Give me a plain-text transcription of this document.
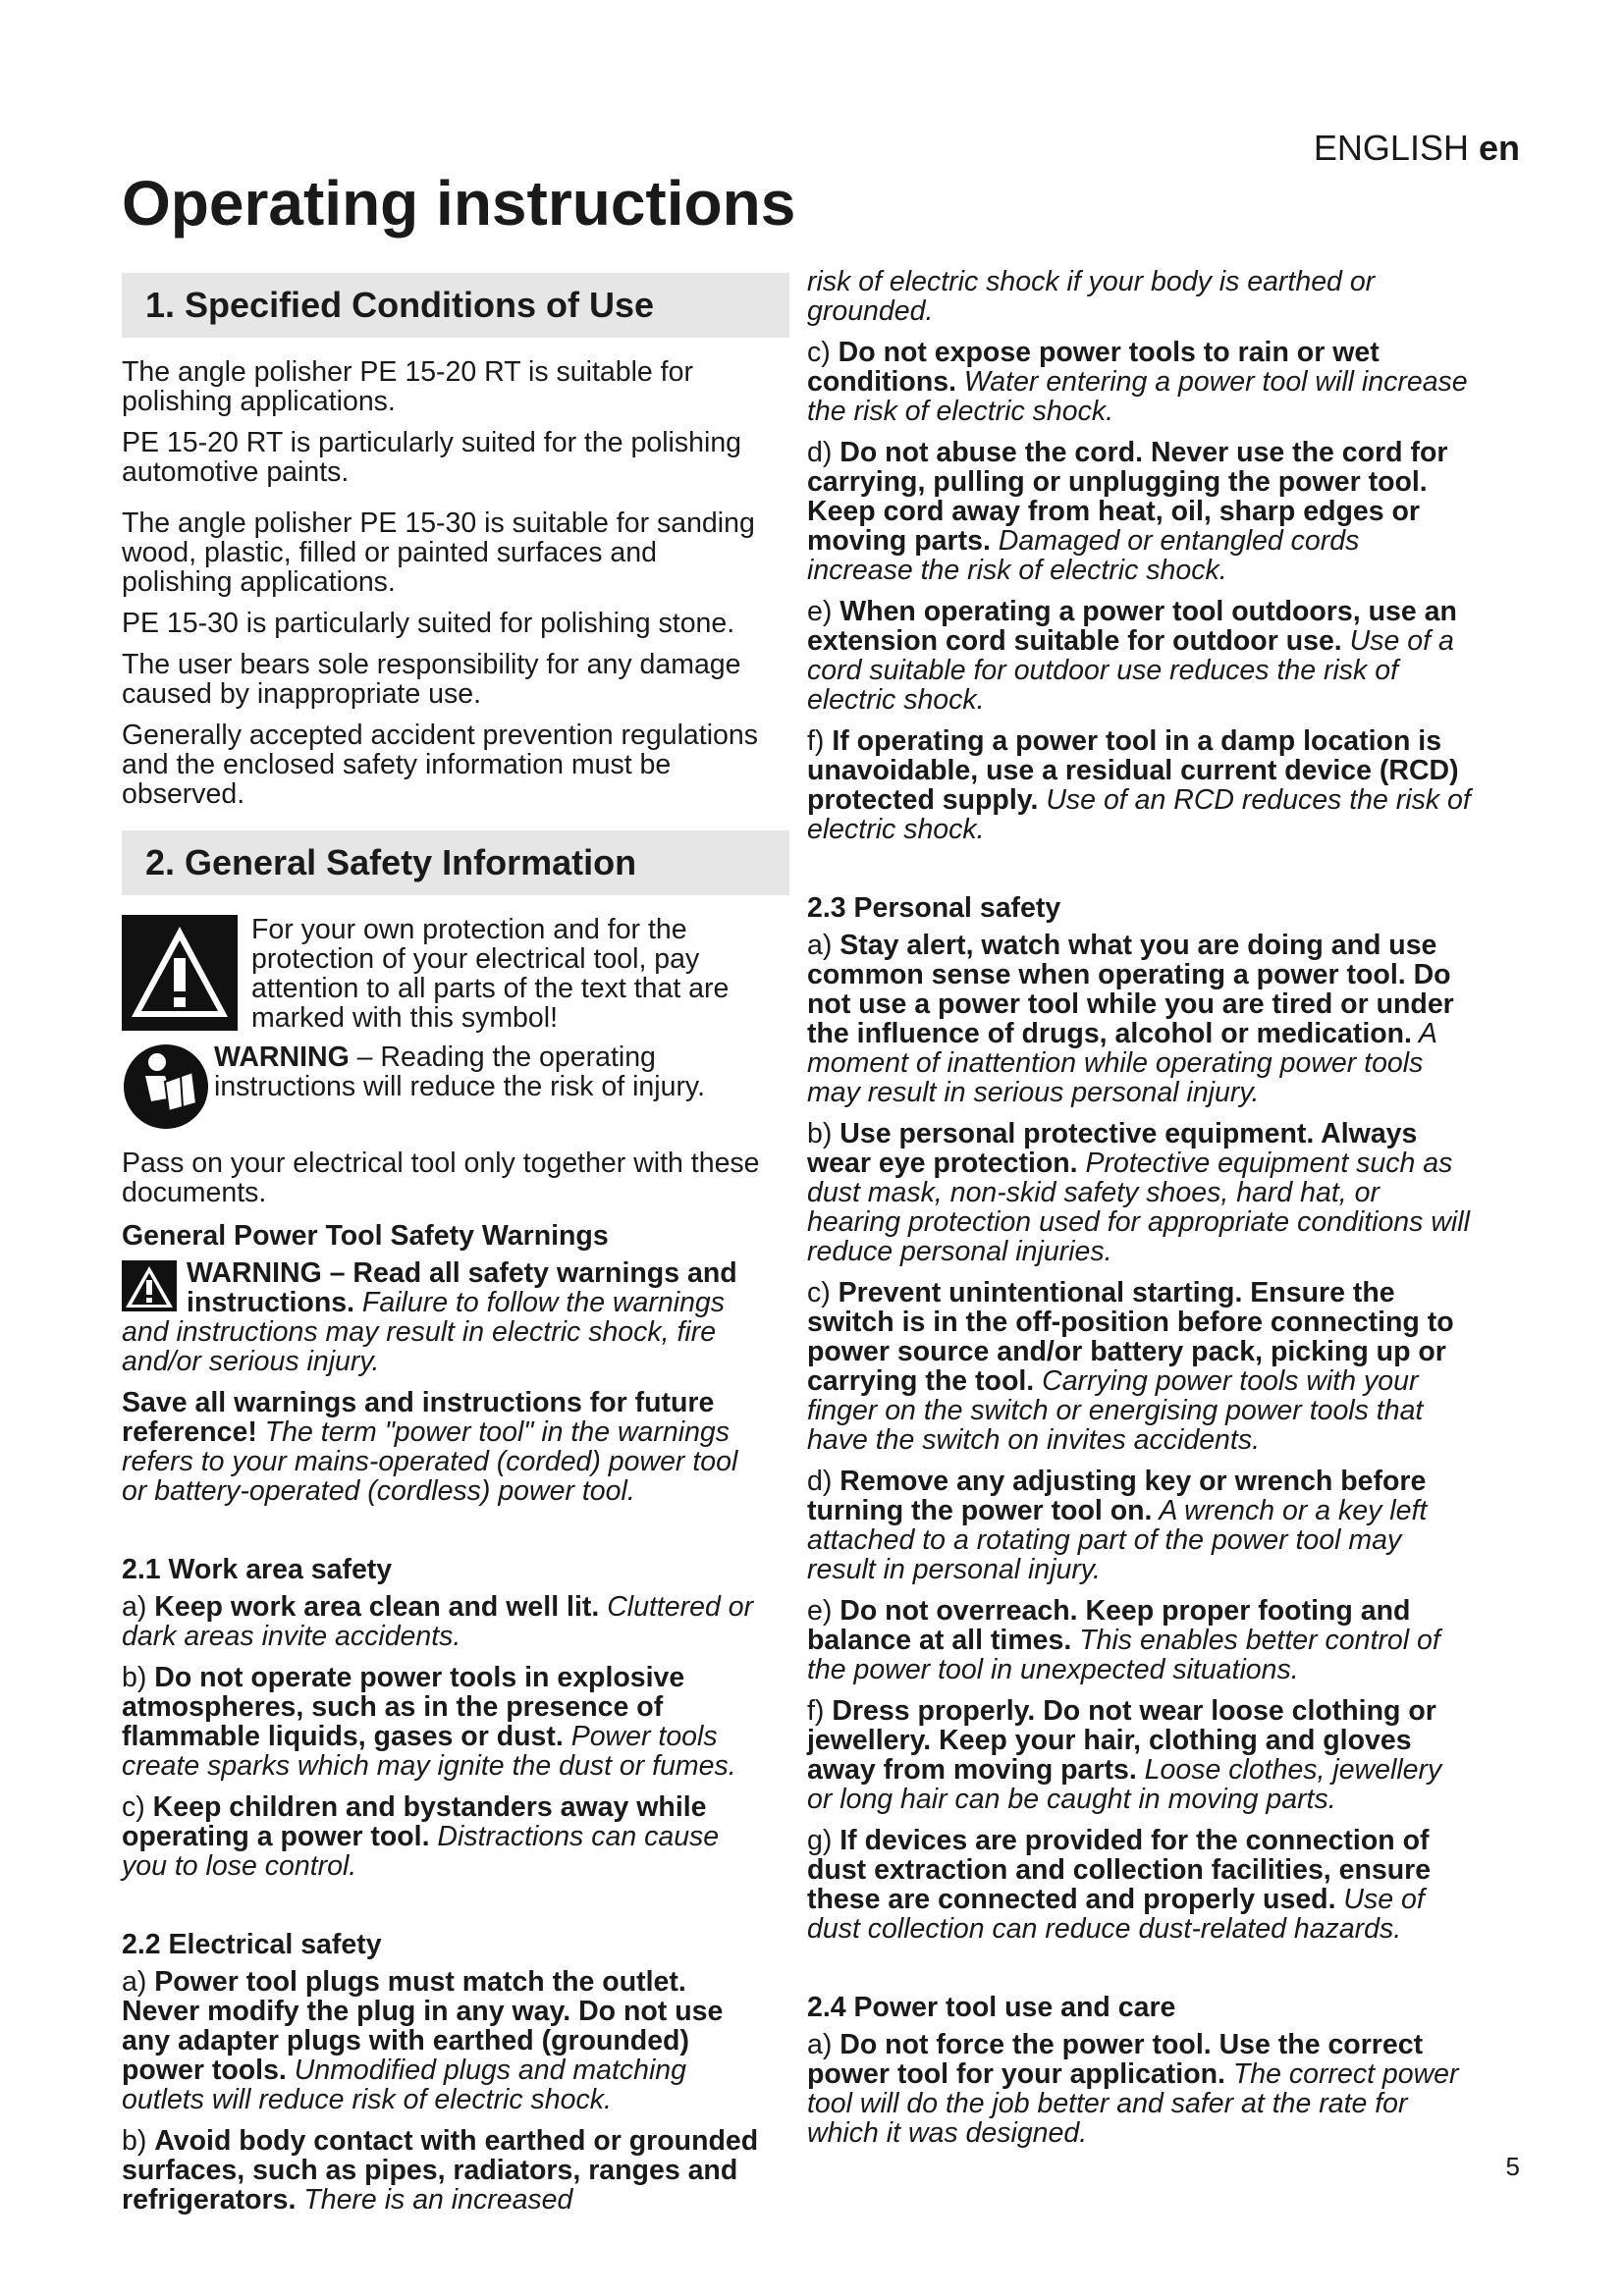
ENGLISH en
Operating instructions
1. Specified Conditions of Use

The angle polisher PE 15-20 RT is suitable for polishing applications.

PE 15-20 RT is particularly suited for the polishing automotive paints.

The angle polisher PE 15-30 is suitable for sanding wood, plastic, filled or painted surfaces and polishing applications.

PE 15-30 is particularly suited for polishing stone.

The user bears sole responsibility for any damage caused by inappropriate use.

Generally accepted accident prevention regulations and the enclosed safety information must be observed.

2. General Safety Information

For your own protection and for the protection of your electrical tool, pay attention to all parts of the text that are marked with this symbol!

WARNING – Reading the operating instructions will reduce the risk of injury.

Pass on your electrical tool only together with these documents.

General Power Tool Safety Warnings

WARNING – Read all safety warnings and instructions. Failure to follow the warnings and instructions may result in electric shock, fire and/or serious injury.

Save all warnings and instructions for future reference! The term "power tool" in the warnings refers to your mains-operated (corded) power tool or battery-operated (cordless) power tool.

2.1 Work area safety

a) Keep work area clean and well lit. Cluttered or dark areas invite accidents.

b) Do not operate power tools in explosive atmospheres, such as in the presence of flammable liquids, gases or dust. Power tools create sparks which may ignite the dust or fumes.

c) Keep children and bystanders away while operating a power tool. Distractions can cause you to lose control.

2.2 Electrical safety

a) Power tool plugs must match the outlet. Never modify the plug in any way. Do not use any adapter plugs with earthed (grounded) power tools. Unmodified plugs and matching outlets will reduce risk of electric shock.

b) Avoid body contact with earthed or grounded surfaces, such as pipes, radiators, ranges and refrigerators. There is an increased

risk of electric shock if your body is earthed or grounded.

c) Do not expose power tools to rain or wet conditions. Water entering a power tool will increase the risk of electric shock.

d) Do not abuse the cord. Never use the cord for carrying, pulling or unplugging the power tool. Keep cord away from heat, oil, sharp edges or moving parts. Damaged or entangled cords increase the risk of electric shock.

e) When operating a power tool outdoors, use an extension cord suitable for outdoor use. Use of a cord suitable for outdoor use reduces the risk of electric shock.

f) If operating a power tool in a damp location is unavoidable, use a residual current device (RCD) protected supply. Use of an RCD reduces the risk of electric shock.

2.3 Personal safety

a) Stay alert, watch what you are doing and use common sense when operating a power tool. Do not use a power tool while you are tired or under the influence of drugs, alcohol or medication. A moment of inattention while operating power tools may result in serious personal injury.

b) Use personal protective equipment. Always wear eye protection. Protective equipment such as dust mask, non-skid safety shoes, hard hat, or hearing protection used for appropriate conditions will reduce personal injuries.

c) Prevent unintentional starting. Ensure the switch is in the off-position before connecting to power source and/or battery pack, picking up or carrying the tool. Carrying power tools with your finger on the switch or energising power tools that have the switch on invites accidents.

d) Remove any adjusting key or wrench before turning the power tool on. A wrench or a key left attached to a rotating part of the power tool may result in personal injury.

e) Do not overreach. Keep proper footing and balance at all times. This enables better control of the power tool in unexpected situations.

f) Dress properly. Do not wear loose clothing or jewellery. Keep your hair, clothing and gloves away from moving parts. Loose clothes, jewellery or long hair can be caught in moving parts.

g) If devices are provided for the connection of dust extraction and collection facilities, ensure these are connected and properly used. Use of dust collection can reduce dust-related hazards.

2.4 Power tool use and care

a) Do not force the power tool. Use the correct power tool for your application. The correct power tool will do the job better and safer at the rate for which it was designed.

5
